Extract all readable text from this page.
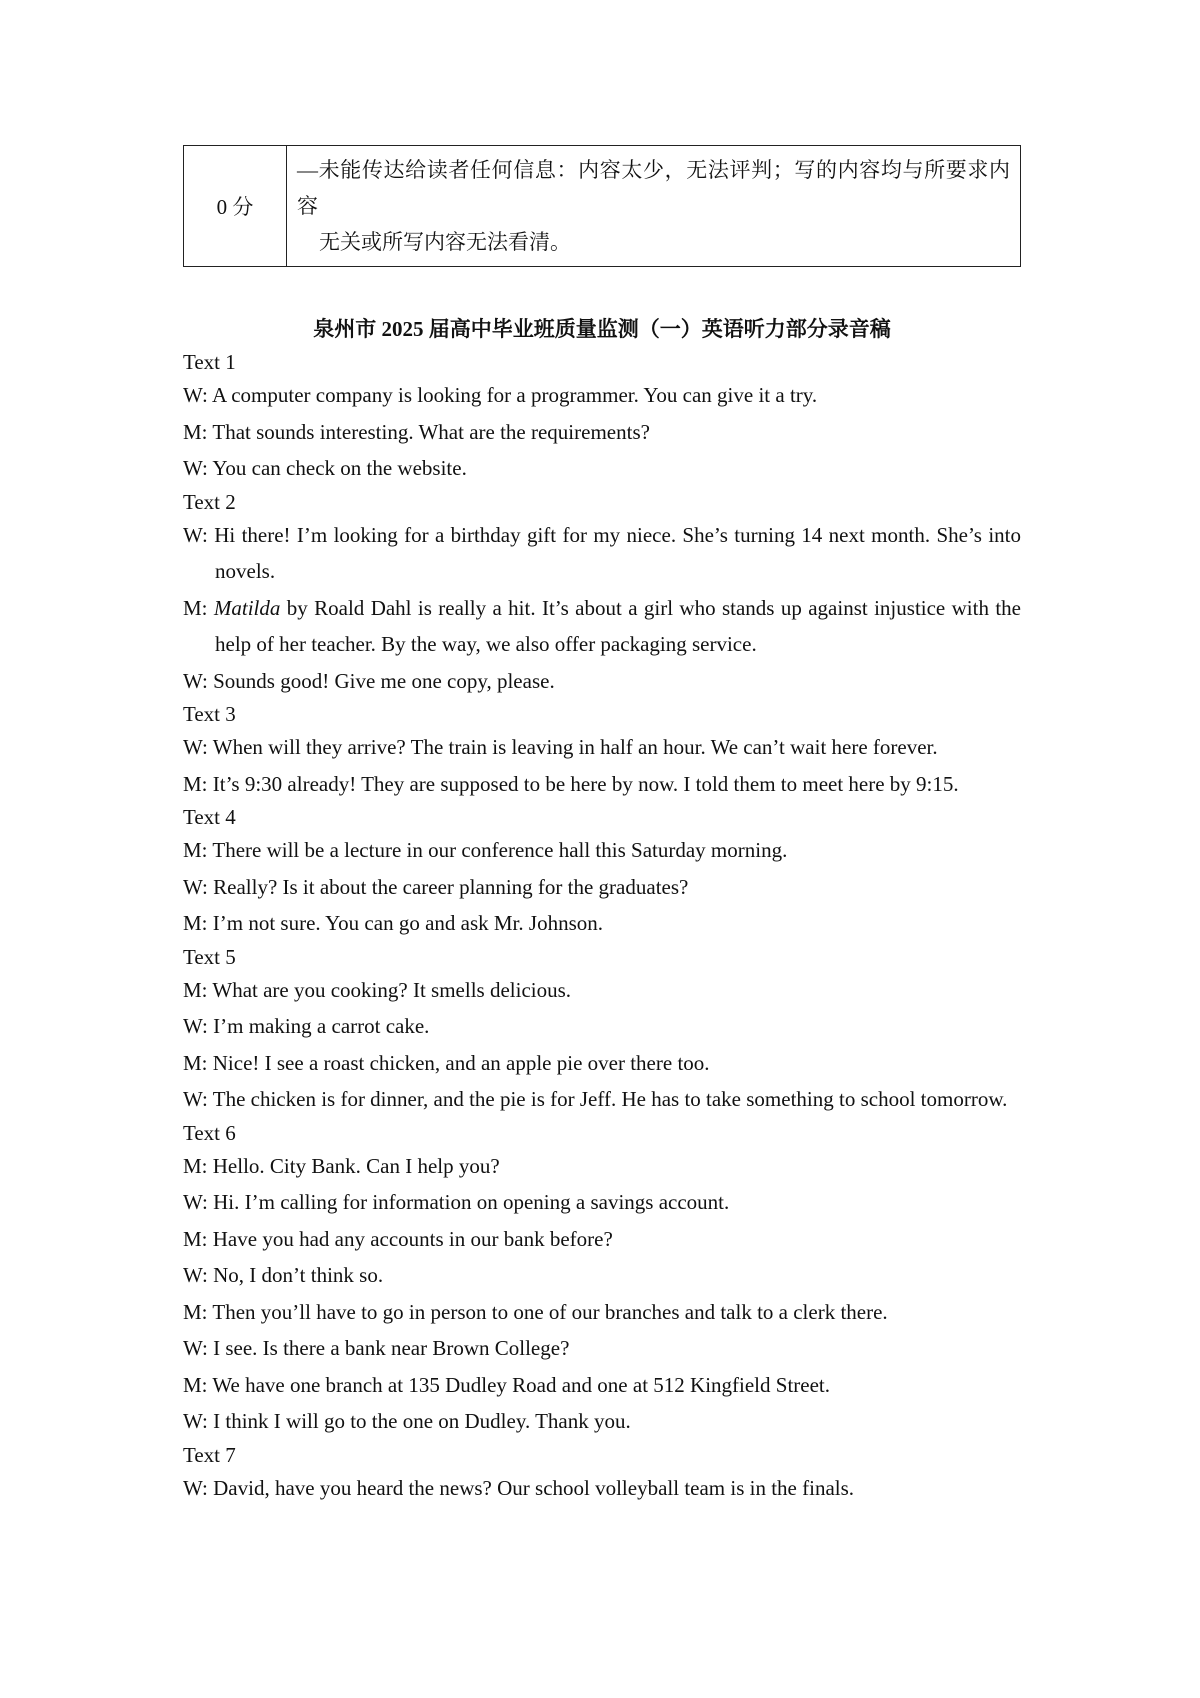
0 分	—未能传达给读者任何信息：内容太少，无法评判；写的内容均与所要求内容
无关或所写内容无法看清。
泉州市 2025 届高中毕业班质量监测（一）英语听力部分录音稿
Text 1
W: A computer company is looking for a programmer. You can give it a try.
M: That sounds interesting. What are the requirements?
W: You can check on the website.
Text 2
W: Hi there! I’m looking for a birthday gift for my niece. She’s turning 14 next month. She’s into novels.
M: Matilda by Roald Dahl is really a hit. It’s about a girl who stands up against injustice with the help of her teacher. By the way, we also offer packaging service.
W: Sounds good! Give me one copy, please.
Text 3
W: When will they arrive? The train is leaving in half an hour. We can’t wait here forever.
M: It’s 9:30 already! They are supposed to be here by now. I told them to meet here by 9:15.
Text 4
M: There will be a lecture in our conference hall this Saturday morning.
W: Really? Is it about the career planning for the graduates?
M: I’m not sure. You can go and ask Mr. Johnson.
Text 5
M: What are you cooking? It smells delicious.
W: I’m making a carrot cake.
M: Nice! I see a roast chicken, and an apple pie over there too.
W: The chicken is for dinner, and the pie is for Jeff. He has to take something to school tomorrow.
Text 6
M: Hello. City Bank. Can I help you?
W: Hi. I’m calling for information on opening a savings account.
M: Have you had any accounts in our bank before?
W: No, I don’t think so.
M: Then you’ll have to go in person to one of our branches and talk to a clerk there.
W: I see. Is there a bank near Brown College?
M: We have one branch at 135 Dudley Road and one at 512 Kingfield Street.
W: I think I will go to the one on Dudley. Thank you.
Text 7
W: David, have you heard the news? Our school volleyball team is in the finals.
